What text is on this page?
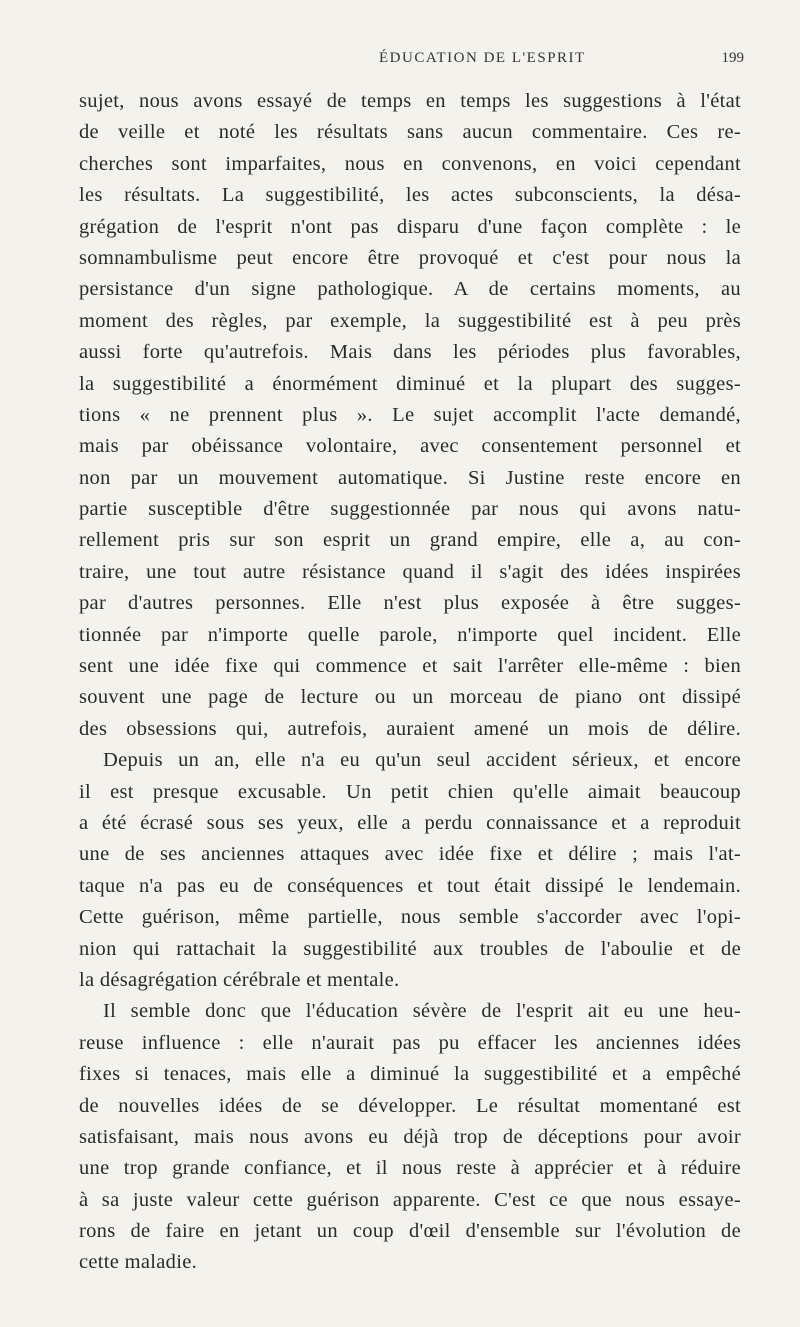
ÉDUCATION DE L'ESPRIT	199
sujet, nous avons essayé de temps en temps les suggestions à l'état
de veille et noté les résultats sans aucun commentaire. Ces re-
cherches sont imparfaites, nous en convenons, en voici cependant
les résultats. La suggestibilité, les actes subconscients, la désa-
grégation de l'esprit n'ont pas disparu d'une façon complète : le
somnambulisme peut encore être provoqué et c'est pour nous la
persistance d'un signe pathologique. A de certains moments, au
moment des règles, par exemple, la suggestibilité est à peu près
aussi forte qu'autrefois. Mais dans les périodes plus favorables,
la suggestibilité a énormément diminué et la plupart des sugges-
tions « ne prennent plus ». Le sujet accomplit l'acte demandé,
mais par obéissance volontaire, avec consentement personnel et
non par un mouvement automatique. Si Justine reste encore en
partie susceptible d'être suggestionnée par nous qui avons natu-
rellement pris sur son esprit un grand empire, elle a, au con-
traire, une tout autre résistance quand il s'agit des idées inspirées
par d'autres personnes. Elle n'est plus exposée à être sugges-
tionnée par n'importe quelle parole, n'importe quel incident. Elle
sent une idée fixe qui commence et sait l'arrêter elle-même : bien
souvent une page de lecture ou un morceau de piano ont dissipé
des obsessions qui, autrefois, auraient amené un mois de délire.
Depuis un an, elle n'a eu qu'un seul accident sérieux, et encore
il est presque excusable. Un petit chien qu'elle aimait beaucoup
a été écrasé sous ses yeux, elle a perdu connaissance et a reproduit
une de ses anciennes attaques avec idée fixe et délire ; mais l'at-
taque n'a pas eu de conséquences et tout était dissipé le lendemain.
Cette guérison, même partielle, nous semble s'accorder avec l'opi-
nion qui rattachait la suggestibilité aux troubles de l'aboulie et de
la désagrégation cérébrale et mentale.
Il semble donc que l'éducation sévère de l'esprit ait eu une heu-
reuse influence : elle n'aurait pas pu effacer les anciennes idées
fixes si tenaces, mais elle a diminué la suggestibilité et a empêché
de nouvelles idées de se développer. Le résultat momentané est
satisfaisant, mais nous avons eu déjà trop de déceptions pour avoir
une trop grande confiance, et il nous reste à apprécier et à réduire
à sa juste valeur cette guérison apparente. C'est ce que nous essaye-
rons de faire en jetant un coup d'œil d'ensemble sur l'évolution de
cette maladie.
